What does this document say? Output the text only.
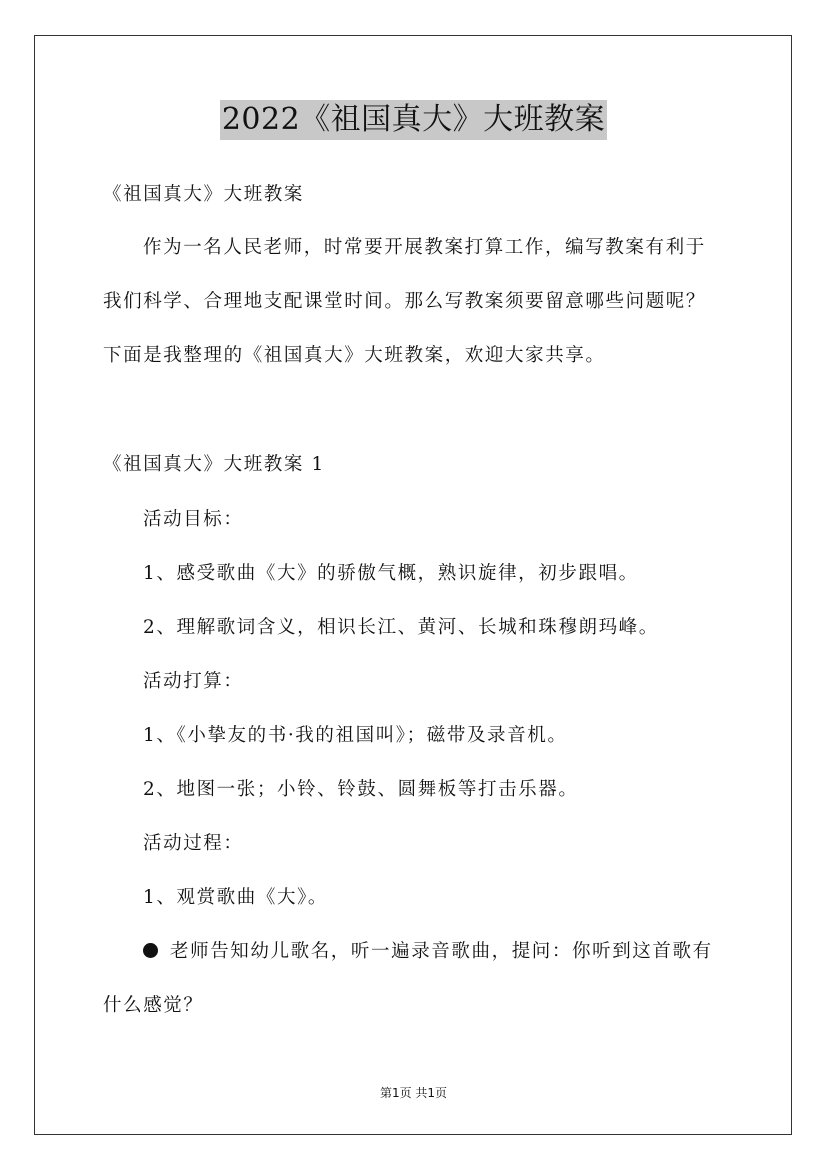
2022《祖国真大》大班教案
《祖国真大》大班教案
作为一名人民老师，时常要开展教案打算工作，编写教案有利于
我们科学、合理地支配课堂时间。那么写教案须要留意哪些问题呢？
下面是我整理的《祖国真大》大班教案，欢迎大家共享。
《祖国真大》大班教案 1
活动目标：
1、感受歌曲《大》的骄傲气概，熟识旋律，初步跟唱。
2、理解歌词含义，相识长江、黄河、长城和珠穆朗玛峰。
活动打算：
1、《小挚友的书·我的祖国叫》；磁带及录音机。
2、地图一张；小铃、铃鼓、圆舞板等打击乐器。
活动过程：
1、观赏歌曲《大》。
老师告知幼儿歌名，听一遍录音歌曲，提问：你听到这首歌有
什么感觉？
第1页 共1页
